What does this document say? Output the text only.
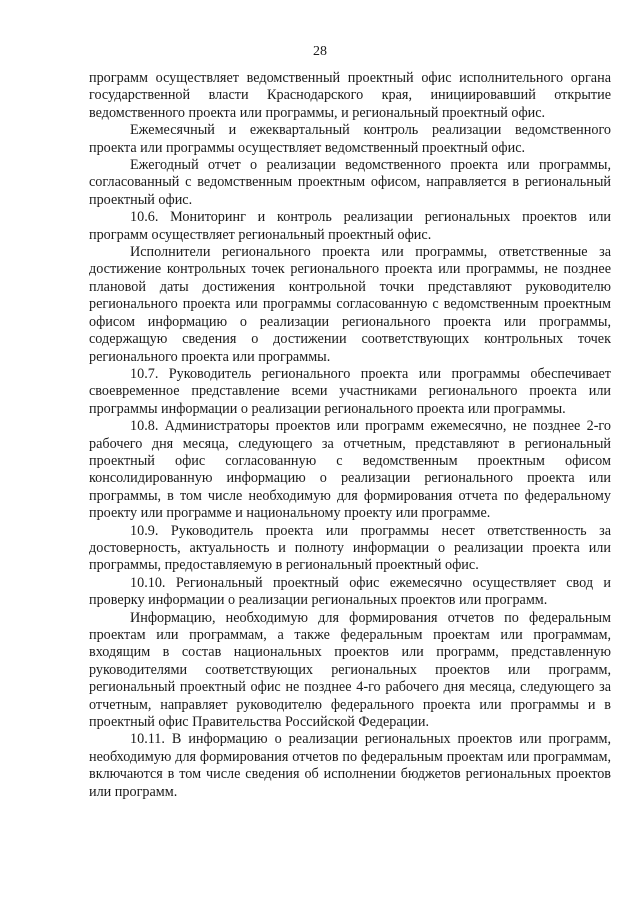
28

программ осуществляет ведомственный проектный офис исполнительного органа государственной власти Краснодарского края, инициировавший открытие ведомственного проекта или программы, и региональный проектный офис.

Ежемесячный и ежеквартальный контроль реализации ведомственного проекта или программы осуществляет ведомственный проектный офис.

Ежегодный отчет о реализации ведомственного проекта или программы, согласованный с ведомственным проектным офисом, направляется в региональный проектный офис.

10.6. Мониторинг и контроль реализации региональных проектов или программ осуществляет региональный проектный офис.

Исполнители регионального проекта или программы, ответственные за достижение контрольных точек регионального проекта или программы, не позднее плановой даты достижения контрольной точки представляют руководителю регионального проекта или программы согласованную с ведомственным проектным офисом информацию о реализации регионального проекта или программы, содержащую сведения о достижении соответствующих контрольных точек регионального проекта или программы.

10.7. Руководитель регионального проекта или программы обеспечивает своевременное представление всеми участниками регионального проекта или программы информации о реализации регионального проекта или программы.

10.8. Администраторы проектов или программ ежемесячно, не позднее 2-го рабочего дня месяца, следующего за отчетным, представляют в региональный проектный офис согласованную с ведомственным проектным офисом консолидированную информацию о реализации регионального проекта или программы, в том числе необходимую для формирования отчета по федеральному проекту или программе и национальному проекту или программе.

10.9. Руководитель проекта или программы несет ответственность за достоверность, актуальность и полноту информации о реализации проекта или программы, предоставляемую в региональный проектный офис.

10.10. Региональный проектный офис ежемесячно осуществляет свод и проверку информации о реализации региональных проектов или программ.

Информацию, необходимую для формирования отчетов по федеральным проектам или программам, а также федеральным проектам или программам, входящим в состав национальных проектов или программ, представленную руководителями соответствующих региональных проектов или программ, региональный проектный офис не позднее 4-го рабочего дня месяца, следующего за отчетным, направляет руководителю федерального проекта или программы и в проектный офис Правительства Российской Федерации.

10.11. В информацию о реализации региональных проектов или программ, необходимую для формирования отчетов по федеральным проектам или программам, включаются в том числе сведения об исполнении бюджетов региональных проектов или программ.
